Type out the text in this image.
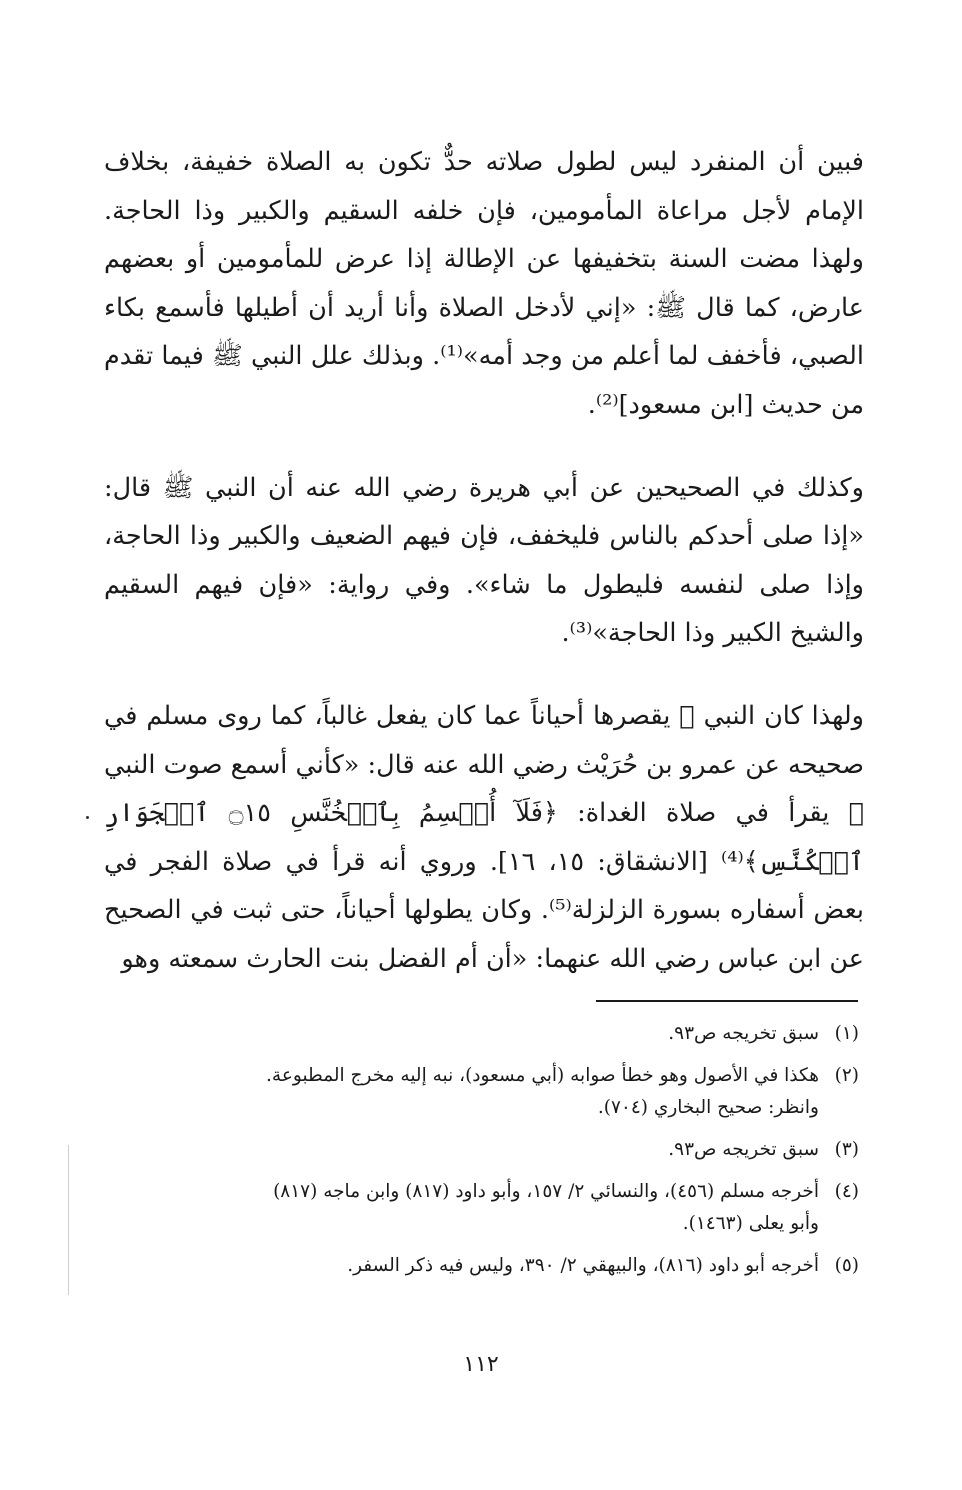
فبين أن المنفرد ليس لطول صلاته حدٌّ تكون به الصلاة خفيفة، بخلاف الإمام لأجل مراعاة المأمومين، فإن خلفه السقيم والكبير وذا الحاجة. ولهذا مضت السنة بتخفيفها عن الإطالة إذا عرض للمأمومين أو بعضهم عارض، كما قال ﷺ: «إني لأدخل الصلاة وأنا أريد أن أطيلها فأسمع بكاء الصبي، فأخفف لما أعلم من وجد أمه»⁽¹⁾. وبذلك علل النبي ﷺ فيما تقدم من حديث [ابن مسعود]⁽²⁾.

وكذلك في الصحيحين عن أبي هريرة رضي الله عنه أن النبي ﷺ قال: «إذا صلى أحدكم بالناس فليخفف، فإن فيهم الضعيف والكبير وذا الحاجة، وإذا صلى لنفسه فليطول ما شاء». وفي رواية: «فإن فيهم السقيم والشيخ الكبير وذا الحاجة»⁽³⁾.

ولهذا كان النبي ﷺ يقصرها أحياناً عما كان يفعل غالباً، كما روى مسلم في صحيحه عن عمرو بن حُرَيْث رضي الله عنه قال: «كأني أسمع صوت النبي ﷺ يقرأ في صلاة الغداة: ﴿فَلَآ أُقۡسِمُ بِٱلۡخُنَّسِ ۝١٥ ٱلۡجَوَارِ ٱلۡكُنَّسِ﴾⁽⁴⁾ [الانشقاق: ١٥، ١٦]. وروي أنه قرأ في صلاة الفجر في بعض أسفاره بسورة الزلزلة⁽⁵⁾. وكان يطولها أحياناً، حتى ثبت في الصحيح عن ابن عباس رضي الله عنهما: «أن أم الفضل بنت الحارث سمعته وهو

(١)
سبق تخريجه ص٩٣.
(٢)
هكذا في الأصول وهو خطأ صوابه (أبي مسعود)، نبه إليه مخرج المطبوعة.
وانظر: صحيح البخاري (٧٠٤).
(٣)
سبق تخريجه ص٩٣.
(٤)
أخرجه مسلم (٤٥٦)، والنسائي ٢/ ١٥٧، وأبو داود (٨١٧) وابن ماجه (٨١٧)
وأبو يعلى (١٤٦٣).
(٥)
أخرجه أبو داود (٨١٦)، والبيهقي ٢/ ٣٩٠، وليس فيه ذكر السفر.
١١٢
